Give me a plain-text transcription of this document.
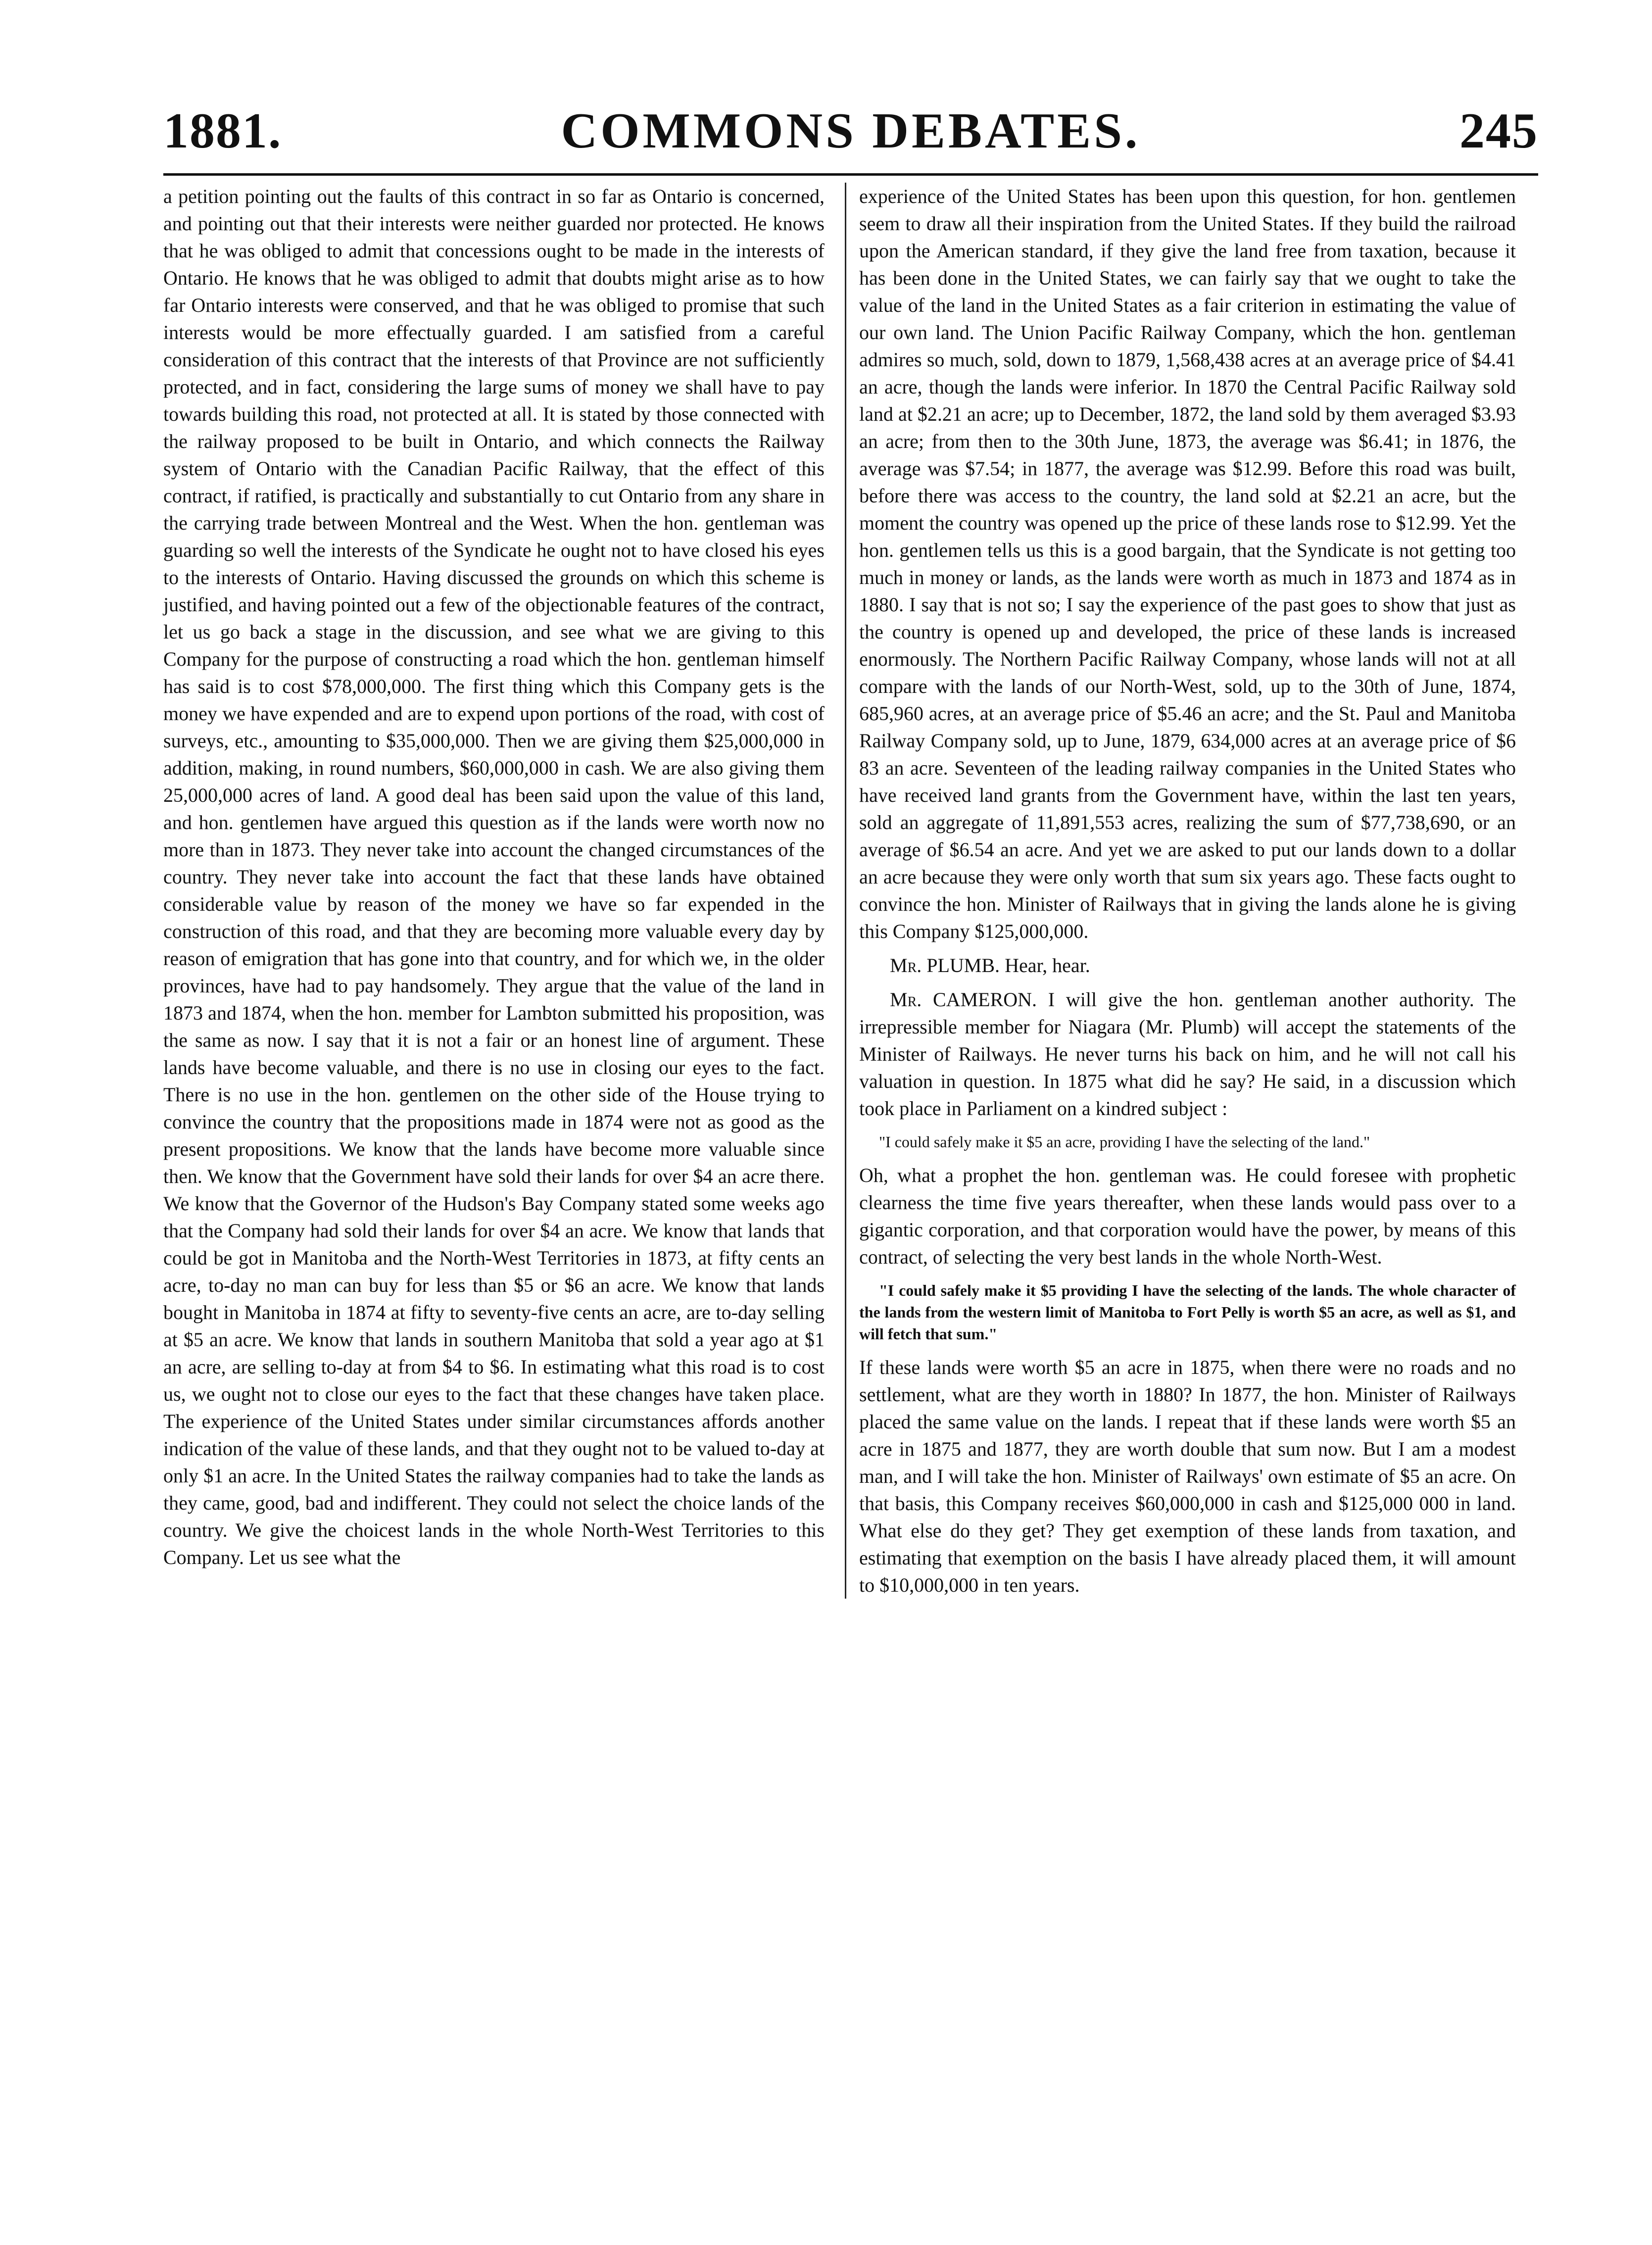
COMMONS DEBATES.
1881.	245

a petition pointing out the faults of this contract in so far as Ontario is concerned, and pointing out that their interests were neither guarded nor protected. He knows that he was obliged to admit that concessions ought to be made in the interests of Ontario. He knows that he was obliged to admit that doubts might arise as to how far Ontario interests were conserved, and that he was obliged to promise that such interests would be more effectually guarded. I am satisfied from a careful consideration of this contract that the interests of that Province are not sufficiently protected, and in fact, considering the large sums of money we shall have to pay towards building this road, not protected at all. It is stated by those connected with the railway proposed to be built in Ontario, and which connects the Railway system of Ontario with the Canadian Pacific Railway, that the effect of this contract, if ratified, is practically and substantially to cut Ontario from any share in the carrying trade between Montreal and the West. When the hon. gentleman was guarding so well the interests of the Syndicate he ought not to have closed his eyes to the interests of Ontario. Having discussed the grounds on which this scheme is justified, and having pointed out a few of the objectionable features of the contract, let us go back a stage in the discussion, and see what we are giving to this Company for the purpose of constructing a road which the hon. gentleman himself has said is to cost $78,000,000. The first thing which this Company gets is the money we have expended and are to expend upon portions of the road, with cost of surveys, etc., amounting to $35,000,000. Then we are giving them $25,000,000 in addition, making, in round numbers, $60,000,000 in cash. We are also giving them 25,000,000 acres of land. A good deal has been said upon the value of this land, and hon. gentlemen have argued this question as if the lands were worth now no more than in 1873. They never take into account the changed circumstances of the country. They never take into account the fact that these lands have obtained considerable value by reason of the money we have so far expended in the construction of this road, and that they are becoming more valuable every day by reason of emigration that has gone into that country, and for which we, in the older provinces, have had to pay handsomely. They argue that the value of the land in 1873 and 1874, when the hon. member for Lambton submitted his proposition, was the same as now. I say that it is not a fair or an honest line of argument. These lands have become valuable, and there is no use in closing our eyes to the fact. There is no use in the hon. gentlemen on the other side of the House trying to convince the country that the propositions made in 1874 were not as good as the present propositions. We know that the lands have become more valuable since then. We know that the Government have sold their lands for over $4 an acre there. We know that the Governor of the Hudson's Bay Company stated some weeks ago that the Company had sold their lands for over $4 an acre. We know that lands that could be got in Manitoba and the North-West Territories in 1873, at fifty cents an acre, to-day no man can buy for less than $5 or $6 an acre. We know that lands bought in Manitoba in 1874 at fifty to seventy-five cents an acre, are to-day selling at $5 an acre. We know that lands in southern Manitoba that sold a year ago at $1 an acre, are selling to-day at from $4 to $6. In estimating what this road is to cost us, we ought not to close our eyes to the fact that these changes have taken place. The experience of the United States under similar circumstances affords another indication of the value of these lands, and that they ought not to be valued to-day at only $1 an acre. In the United States the railway companies had to take the lands as they came, good, bad and indifferent. They could not select the choice lands of the country. We give the choicest lands in the whole North-West Territories to this Company. Let us see what the

experience of the United States has been upon this question, for hon. gentlemen seem to draw all their inspiration from the United States. If they build the railroad upon the American standard, if they give the land free from taxation, because it has been done in the United States, we can fairly say that we ought to take the value of the land in the United States as a fair criterion in estimating the value of our own land. The Union Pacific Railway Company, which the hon. gentleman admires so much, sold, down to 1879, 1,568,438 acres at an average price of $4.41 an acre, though the lands were inferior. In 1870 the Central Pacific Railway sold land at $2.21 an acre; up to December, 1872, the land sold by them averaged $3.93 an acre; from then to the 30th June, 1873, the average was $6.41; in 1876, the average was $7.54; in 1877, the average was $12.99. Before this road was built, before there was access to the country, the land sold at $2.21 an acre, but the moment the country was opened up the price of these lands rose to $12.99. Yet the hon. gentlemen tells us this is a good bargain, that the Syndicate is not getting too much in money or lands, as the lands were worth as much in 1873 and 1874 as in 1880. I say that is not so; I say the experience of the past goes to show that just as the country is opened up and developed, the price of these lands is increased enormously. The Northern Pacific Railway Company, whose lands will not at all compare with the lands of our North-West, sold, up to the 30th of June, 1874, 685,960 acres, at an average price of $5.46 an acre; and the St. Paul and Manitoba Railway Company sold, up to June, 1879, 634,000 acres at an average price of $6 83 an acre. Seventeen of the leading railway companies in the United States who have received land grants from the Government have, within the last ten years, sold an aggregate of 11,891,553 acres, realizing the sum of $77,738,690, or an average of $6.54 an acre. And yet we are asked to put our lands down to a dollar an acre because they were only worth that sum six years ago. These facts ought to convince the hon. Minister of Railways that in giving the lands alone he is giving this Company $125,000,000.

Mr. PLUMB. Hear, hear.

Mr. CAMERON. I will give the hon. gentleman another authority. The irrepressible member for Niagara (Mr. Plumb) will accept the statements of the Minister of Railways. He never turns his back on him, and he will not call his valuation in question. In 1875 what did he say? He said, in a discussion which took place in Parliament on a kindred subject :

"I could safely make it $5 an acre, providing I have the selecting of the land."

Oh, what a prophet the hon. gentleman was. He could foresee with prophetic clearness the time five years thereafter, when these lands would pass over to a gigantic corporation, and that corporation would have the power, by means of this contract, of selecting the very best lands in the whole North-West.

"I could safely make it $5 providing I have the selecting of the lands. The whole character of the lands from the western limit of Manitoba to Fort Pelly is worth $5 an acre, as well as $1, and will fetch that sum."

If these lands were worth $5 an acre in 1875, when there were no roads and no settlement, what are they worth in 1880? In 1877, the hon. Minister of Railways placed the same value on the lands. I repeat that if these lands were worth $5 an acre in 1875 and 1877, they are worth double that sum now. But I am a modest man, and I will take the hon. Minister of Railways' own estimate of $5 an acre. On that basis, this Company receives $60,000,000 in cash and $125,000 000 in land. What else do they get? They get exemption of these lands from taxation, and estimating that exemption on the basis I have already placed them, it will amount to $10,000,000 in ten years.
